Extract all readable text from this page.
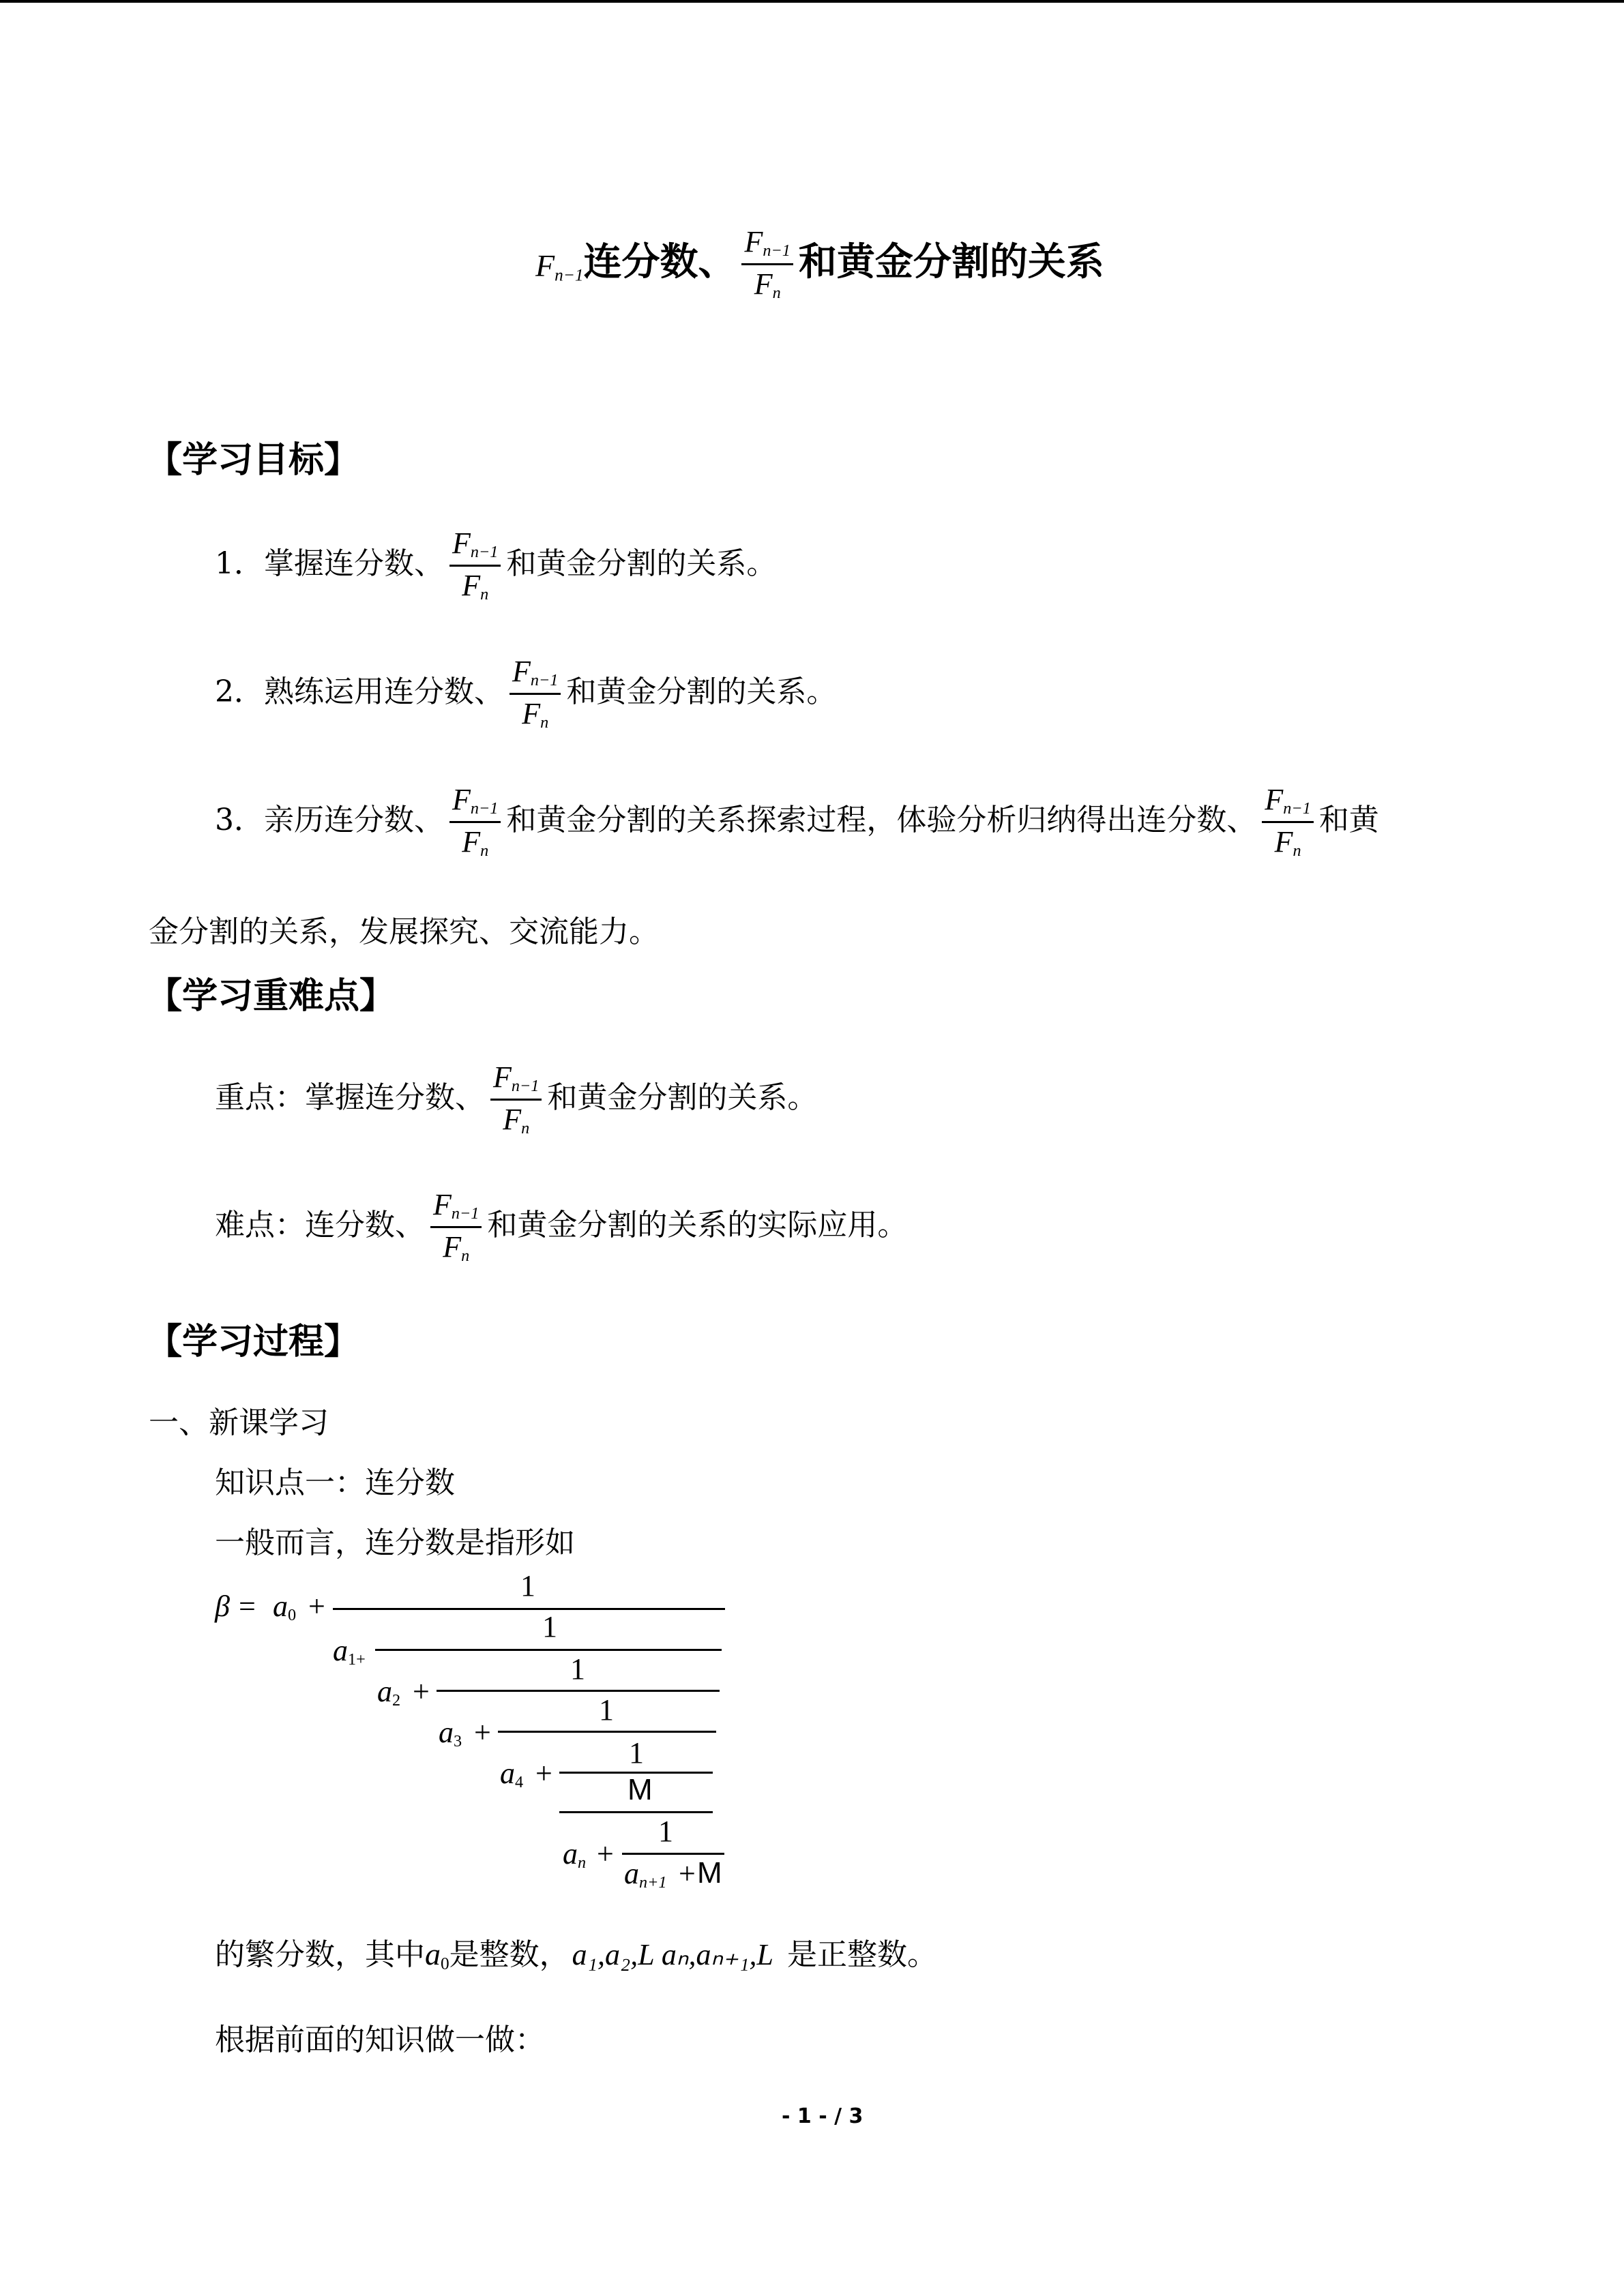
$F_{n-1}$连分数、 $\frac{F_{n-1}}{F_n}$ 和黄金分割的关系
【学习目标】
1．掌握连分数、 $\frac{F_{n-1}}{F_n}$ 和黄金分割的关系。
2．熟练运用连分数、 $\frac{F_{n-1}}{F_n}$ 和黄金分割的关系。
3．亲历连分数、 $\frac{F_{n-1}}{F_n}$ 和黄金分割的关系探索过程，体验分析归纳得出连分数、 $\frac{F_{n-1}}{F_n}$ 和黄
金分割的关系，发展探究、交流能力。
【学习重难点】
重点：掌握连分数、 $\frac{F_{n-1}}{F_n}$ 和黄金分割的关系。
难点：连分数、 $\frac{F_{n-1}}{F_n}$ 和黄金分割的关系的实际应用。
【学习过程】
一、新课学习
知识点一：连分数
一般而言，连分数是指形如
$\beta = a_0$ +
1
$a_{1+}$
1
$a_2$ +
1
$a_3$ +
1
$a_4$ +
1
M
$a_n$ +
1
$a_{n+1} + M$
的繁分数，其中$a_0$是整数，a₁,a₂,L aₙ,aₙ₊₁,L 是正整数。
根据前面的知识做一做：
- 1 - / 3
